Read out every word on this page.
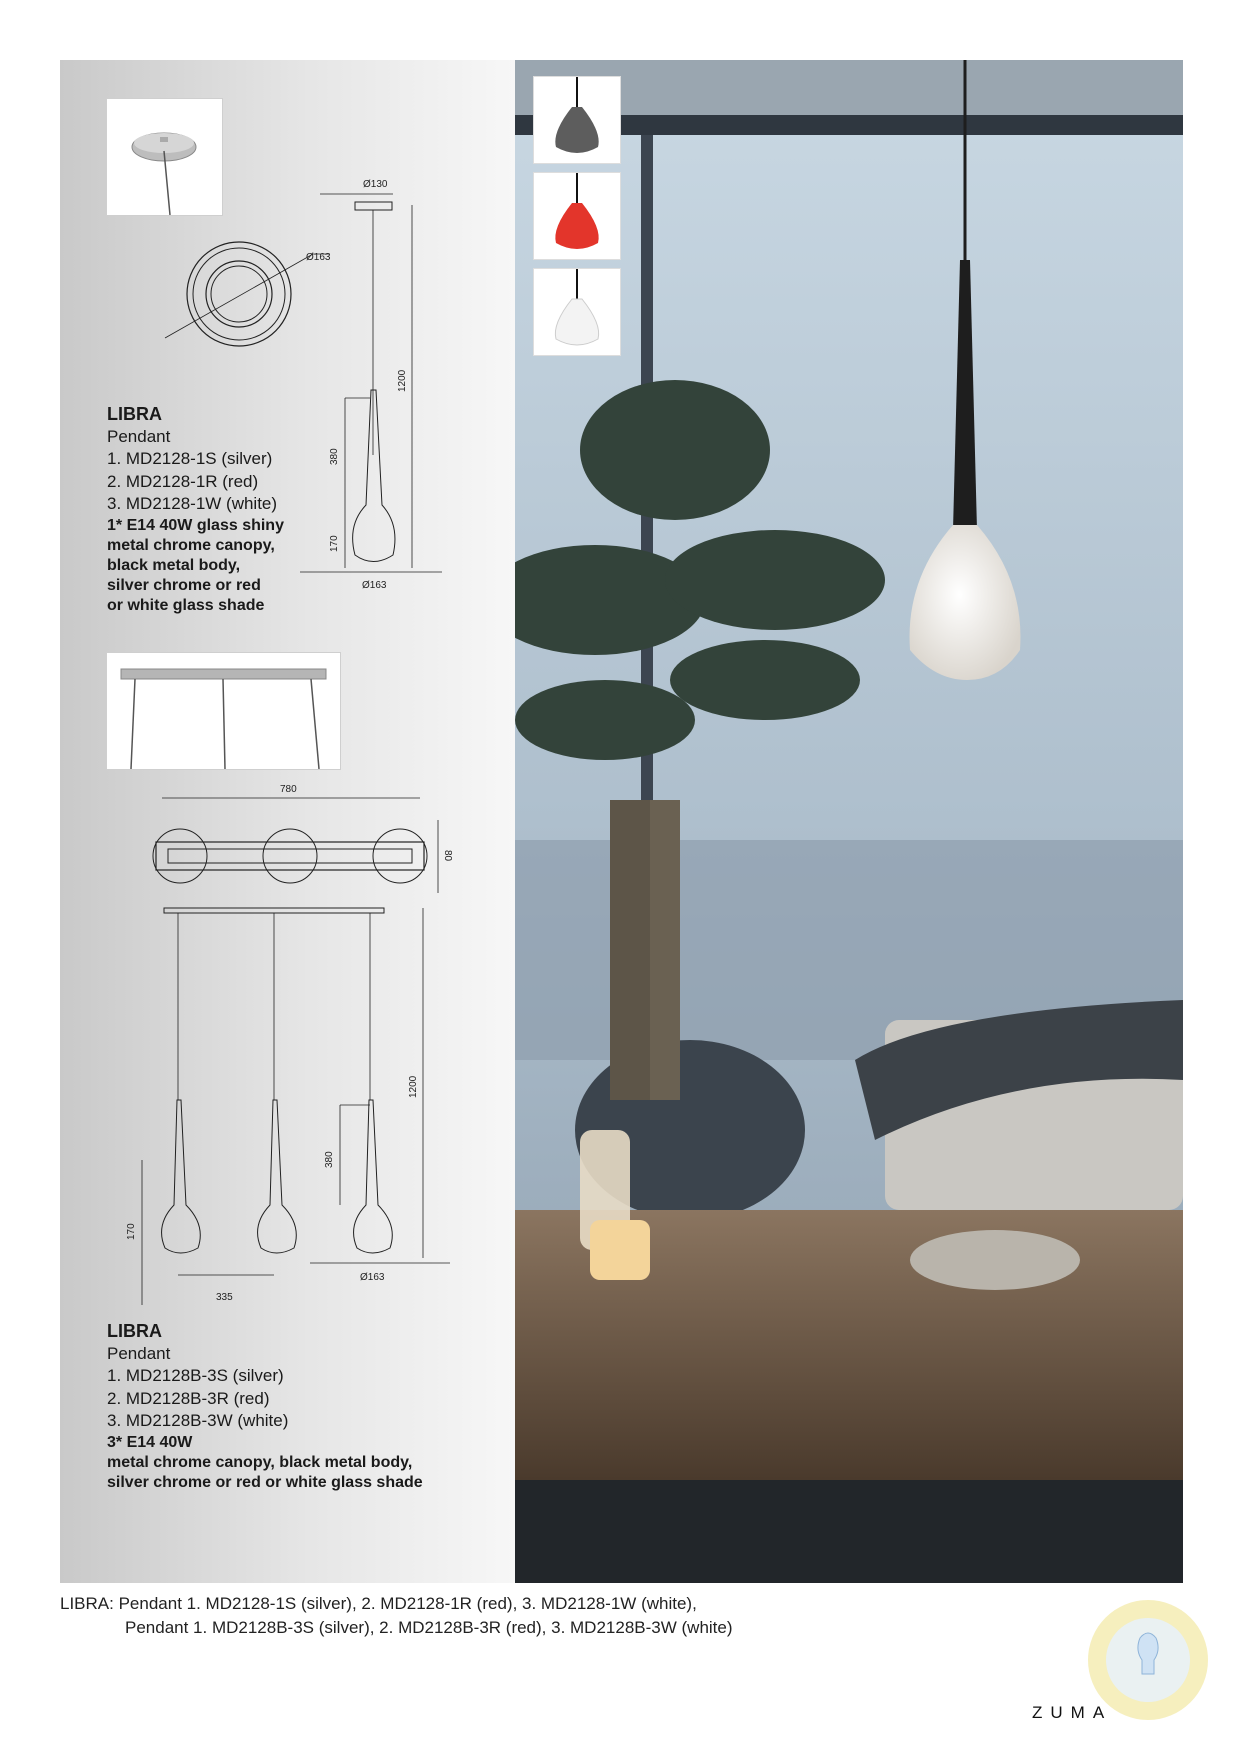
Ø163
Ø130
1200
380
170
Ø163
LIBRA
Pendant
1. MD2128-1S (silver)
2. MD2128-1R (red)
3. MD2128-1W (white)
1* E14 40W glass shiny
metal chrome canopy,
black metal body,
silver chrome or red
or white glass shade
780
80
1200
380
170
335
Ø163
LIBRA
Pendant
1. MD2128B-3S (silver)
2. MD2128B-3R (red)
3. MD2128B-3W (white)
3* E14 40W
metal chrome canopy, black metal body,
silver chrome or red or white glass shade
LIBRA: Pendant 1. MD2128-1S (silver), 2. MD2128-1R (red), 3. MD2128-1W (white),
Pendant 1. MD2128B-3S (silver), 2. MD2128B-3R (red), 3. MD2128B-3W (white)
ZUMA
